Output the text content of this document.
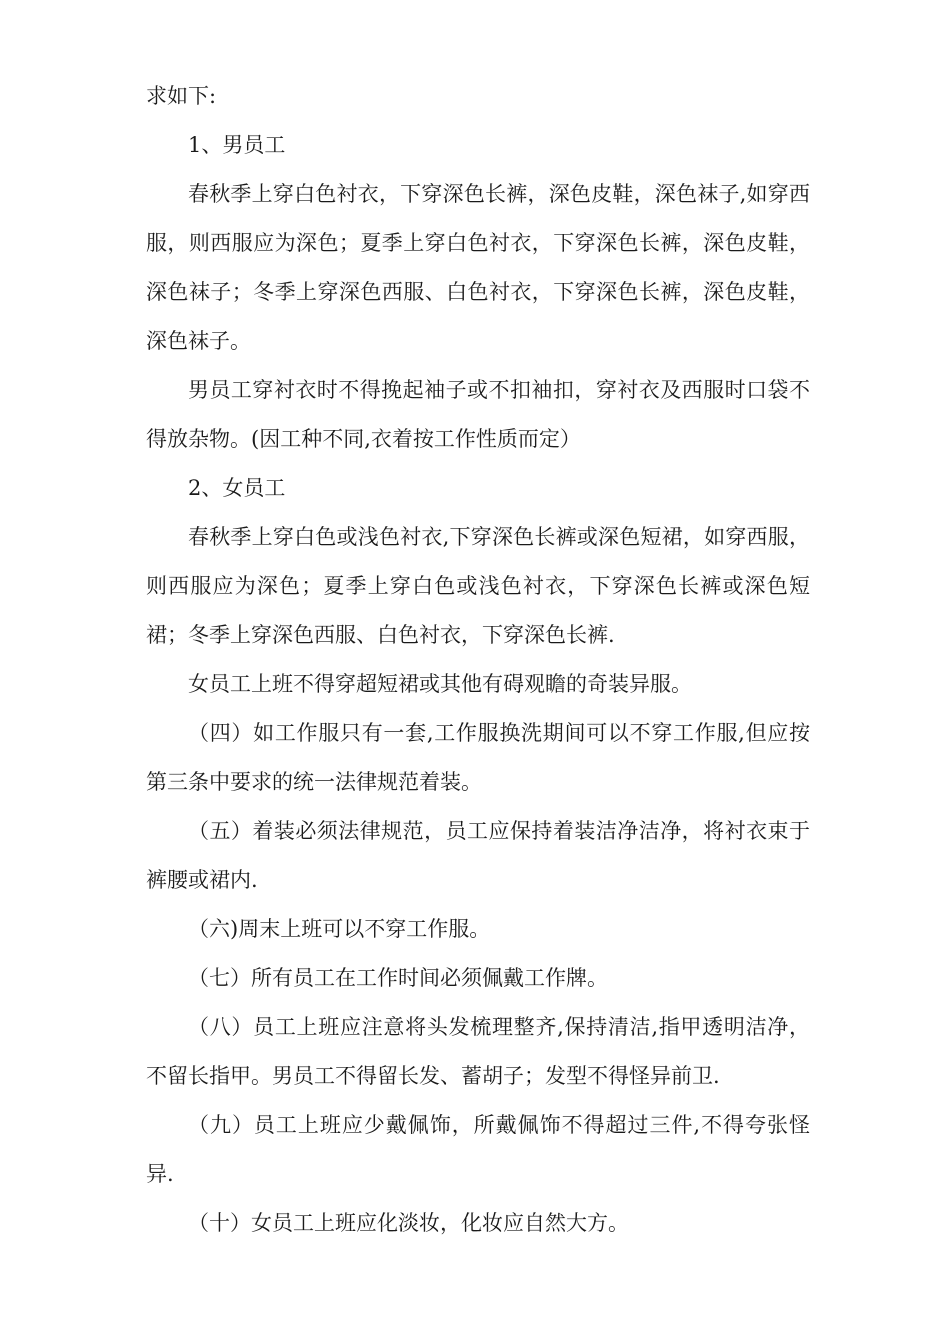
求如下:

1、男员工

春秋季上穿白色衬衣，下穿深色长裤，深色皮鞋，深色袜子,如穿西服，则西服应为深色；夏季上穿白色衬衣，下穿深色长裤，深色皮鞋，深色袜子；冬季上穿深色西服、白色衬衣，下穿深色长裤，深色皮鞋，深色袜子。

男员工穿衬衣时不得挽起袖子或不扣袖扣，穿衬衣及西服时口袋不得放杂物。(因工种不同,衣着按工作性质而定）

2、女员工

春秋季上穿白色或浅色衬衣,下穿深色长裤或深色短裙，如穿西服，则西服应为深色；夏季上穿白色或浅色衬衣，下穿深色长裤或深色短裙；冬季上穿深色西服、白色衬衣，下穿深色长裤.

女员工上班不得穿超短裙或其他有碍观瞻的奇装异服。

（四）如工作服只有一套,工作服换洗期间可以不穿工作服,但应按第三条中要求的统一法律规范着装。

（五）着装必须法律规范，员工应保持着装洁净洁净，将衬衣束于裤腰或裙内.

（六)周末上班可以不穿工作服。

（七）所有员工在工作时间必须佩戴工作牌。

（八）员工上班应注意将头发梳理整齐,保持清洁,指甲透明洁净，不留长指甲。男员工不得留长发、蓄胡子；发型不得怪异前卫.

（九）员工上班应少戴佩饰，所戴佩饰不得超过三件,不得夸张怪异.

（十）女员工上班应化淡妆，化妆应自然大方。
